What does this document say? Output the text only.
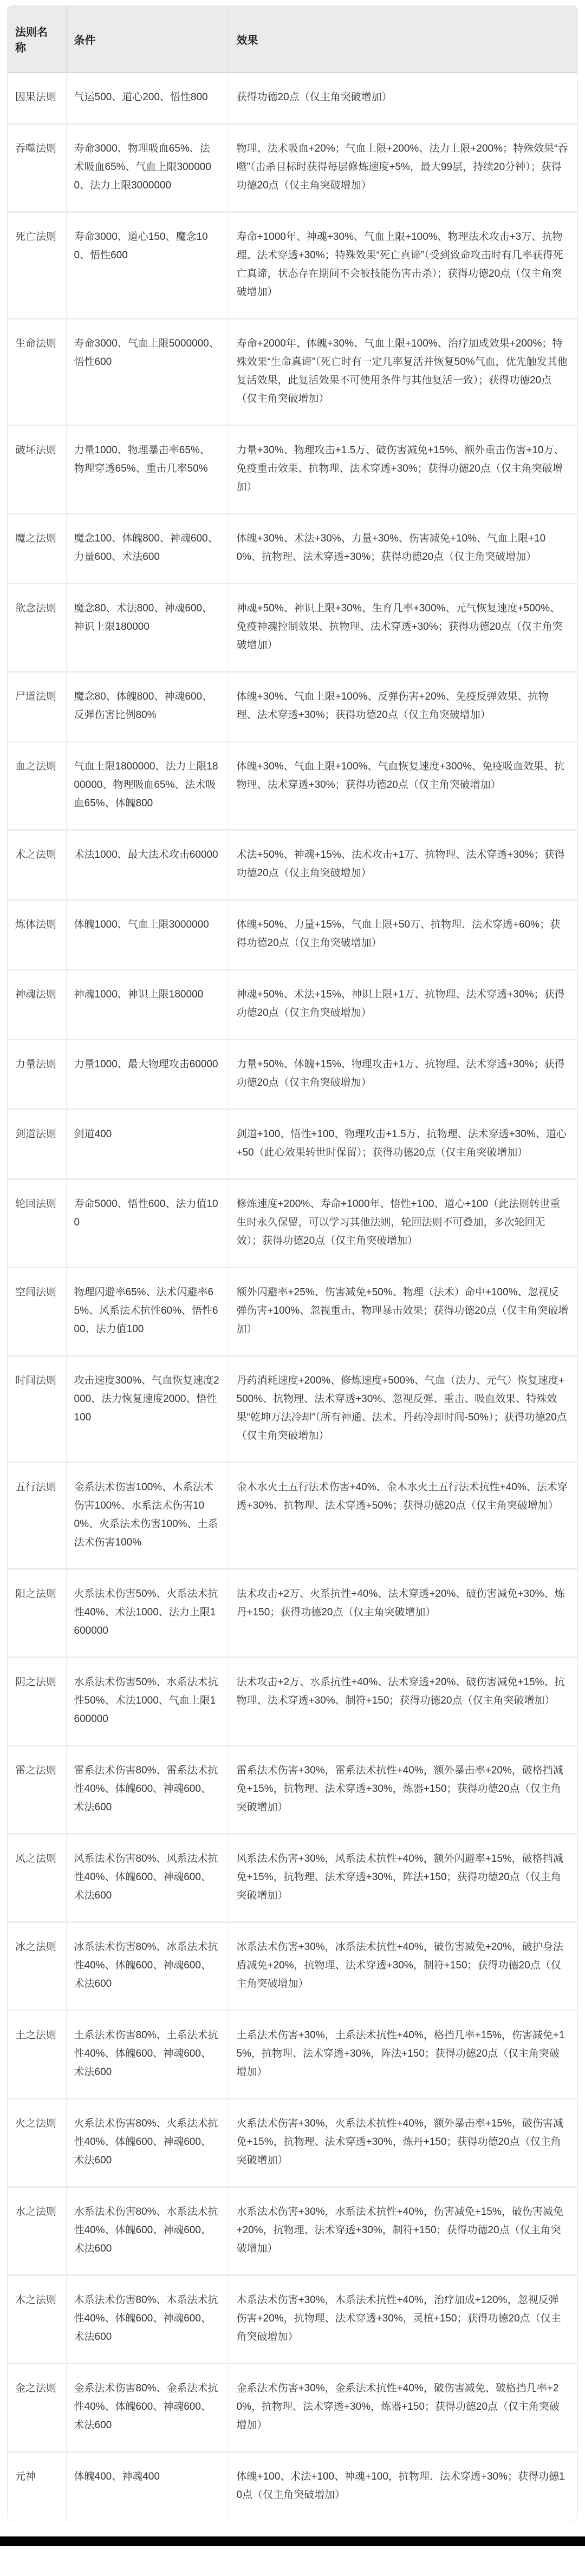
法则名称	条件	效果
因果法则	气运500、道心200、悟性800	获得功德20点（仅主角突破增加）
吞噬法则	寿命3000、物理吸血65%、法术吸血65%、气血上限3000000、法力上限3000000	物理、法术吸血+20%；气血上限+200%、法力上限+200%；特殊效果“吞噬”（击杀目标时获得每层修炼速度+5%，最大99层，持续20分钟）；获得功德20点（仅主角突破增加）
死亡法则	寿命3000、道心150、魔念100、悟性600	寿命+1000年、神魂+30%、气血上限+100%、物理法术攻击+3万、抗物理、法术穿透+30%；特殊效果“死亡真谛”（受到致命攻击时有几率获得死亡真谛，状态存在期间不会被技能伤害击杀）；获得功德20点（仅主角突破增加）
生命法则	寿命3000、气血上限5000000、悟性600	寿命+2000年、体魄+30%、气血上限+100%、治疗加成效果+200%；特殊效果“生命真谛”（死亡时有一定几率复活并恢复50%气血，优先触发其他复活效果，此复活效果不可使用条件与其他复活一致）；获得功德20点（仅主角突破增加）
破坏法则	力量1000、物理暴击率65%、物理穿透65%、重击几率50%	力量+30%、物理攻击+1.5万、破伤害减免+15%、额外重击伤害+10万、免疫重击效果、抗物理、法术穿透+30%；获得功德20点（仅主角突破增加）
魔之法则	魔念100、体魄800、神魂600、力量600、术法600	体魄+30%、术法+30%、力量+30%、伤害减免+10%、气血上限+100%、抗物理、法术穿透+30%；获得功德20点（仅主角突破增加）
欲念法则	魔念80、术法800、神魂600、神识上限180000	神魂+50%、神识上限+30%、生育几率+300%、元气恢复速度+500%、免疫神魂控制效果、抗物理、法术穿透+30%；获得功德20点（仅主角突破增加）
尸道法则	魔念80、体魄800、神魂600、反弹伤害比例80%	体魄+30%、气血上限+100%、反弹伤害+20%、免疫反弹效果、抗物理、法术穿透+30%；获得功德20点（仅主角突破增加）
血之法则	气血上限1800000、法力上限1800000、物理吸血65%、法术吸血65%、体魄800	体魄+30%、气血上限+100%、气血恢复速度+300%、免疫吸血效果、抗物理、法术穿透+30%；获得功德20点（仅主角突破增加）
术之法则	术法1000、最大法术攻击60000	术法+50%、神魂+15%、法术攻击+1万、抗物理、法术穿透+30%；获得功德20点（仅主角突破增加）
炼体法则	体魄1000、气血上限3000000	体魄+50%、力量+15%、气血上限+50万、抗物理、法术穿透+60%；获得功德20点（仅主角突破增加）
神魂法则	神魂1000、神识上限180000	神魂+50%、术法+15%、神识上限+1万、抗物理、法术穿透+30%；获得功德20点（仅主角突破增加）
力量法则	力量1000、最大物理攻击60000	力量+50%、体魄+15%、物理攻击+1万、抗物理、法术穿透+30%；获得功德20点（仅主角突破增加）
剑道法则	剑道400	剑道+100、悟性+100、物理攻击+1.5万、抗物理、法术穿透+30%、道心+50（此心效果转世时保留）；获得功德20点（仅主角突破增加）
轮回法则	寿命5000、悟性600、法力值100	修炼速度+200%、寿命+1000年、悟性+100、道心+100（此法则转世重生时永久保留，可以学习其他法则，轮回法则不可叠加，多次轮回无效）；获得功德20点（仅主角突破增加）
空间法则	物理闪避率65%、法术闪避率65%、风系法术抗性60%、悟性600、法力值100	额外闪避率+25%、伤害减免+50%、物理（法术）命中+100%、忽视反弹伤害+100%、忽视重击、物理暴击效果；获得功德20点（仅主角突破增加）
时间法则	攻击速度300%、气血恢复速度2000、法力恢复速度2000、悟性100	丹药消耗速度+200%、修炼速度+500%、气血（法力、元气）恢复速度+500%、抗物理、法术穿透+30%、忽视反弹、重击、吸血效果、特殊效果“乾坤万法冷却”（所有神通、法术、丹药冷却时间-50%）；获得功德20点（仅主角突破增加）
五行法则	金系法术伤害100%、木系法术伤害100%、水系法术伤害100%、火系法术伤害100%、土系法术伤害100%	金木水火土五行法术伤害+40%、金木水火土五行法术抗性+40%、法术穿透+30%、抗物理、法术穿透+50%；获得功德20点（仅主角突破增加）
阳之法则	火系法术伤害50%、火系法术抗性40%、术法1000、法力上限1600000	法术攻击+2万、火系抗性+40%、法术穿透+20%、破伤害减免+30%、炼丹+150；获得功德20点（仅主角突破增加）
阴之法则	水系法术伤害50%、水系法术抗性50%、术法1000、气血上限1600000	法术攻击+2万、水系抗性+40%、法术穿透+20%、破伤害减免+15%、抗物理、法术穿透+30%、制符+150；获得功德20点（仅主角突破增加）
雷之法则	雷系法术伤害80%、雷系法术抗性40%、体魄600、神魂600、术法600	雷系法术伤害+30%，雷系法术抗性+40%，额外暴击率+20%，破格挡减免+15%，抗物理、法术穿透+30%，炼器+150；获得功德20点（仅主角突破增加）
风之法则	风系法术伤害80%、风系法术抗性40%、体魄600、神魂600、术法600	风系法术伤害+30%，风系法术抗性+40%，额外闪避率+15%，破格挡减免+15%，抗物理、法术穿透+30%，阵法+150；获得功德20点（仅主角突破增加）
冰之法则	冰系法术伤害80%、冰系法术抗性40%、体魄600、神魂600、术法600	冰系法术伤害+30%，冰系法术抗性+40%，破伤害减免+20%，破护身法盾减免+20%，抗物理、法术穿透+30%，制符+150；获得功德20点（仅主角突破增加）
土之法则	土系法术伤害80%、土系法术抗性40%、体魄600、神魂600、术法600	土系法术伤害+30%，土系法术抗性+40%，格挡几率+15%，伤害减免+15%，抗物理、法术穿透+30%，阵法+150；获得功德20点（仅主角突破增加）
火之法则	火系法术伤害80%、火系法术抗性40%、体魄600、神魂600、术法600	火系法术伤害+30%，火系法术抗性+40%，额外暴击率+15%，破伤害减免+15%，抗物理、法术穿透+30%，炼丹+150；获得功德20点（仅主角突破增加）
水之法则	水系法术伤害80%、水系法术抗性40%、体魄600、神魂600、术法600	水系法术伤害+30%，水系法术抗性+40%，伤害减免+15%，破伤害减免+20%，抗物理、法术穿透+30%，制符+150；获得功德20点（仅主角突破增加）
木之法则	木系法术伤害80%、木系法术抗性40%、体魄600、神魂600、术法600	木系法术伤害+30%，木系法术抗性+40%，治疗加成+120%，忽视反弹伤害+20%，抗物理、法术穿透+30%，灵植+150；获得功德20点（仅主角突破增加）
金之法则	金系法术伤害80%、金系法术抗性40%、体魄600、神魂600、术法600	金系法术伤害+30%，金系法术抗性+40%，破伤害减免、破格挡几率+20%，抗物理、法术穿透+30%，炼器+150；获得功德20点（仅主角突破增加）
元神	体魄400、神魂400	体魄+100、术法+100、神魂+100，抗物理、法术穿透+30%；获得功德10点（仅主角突破增加）
